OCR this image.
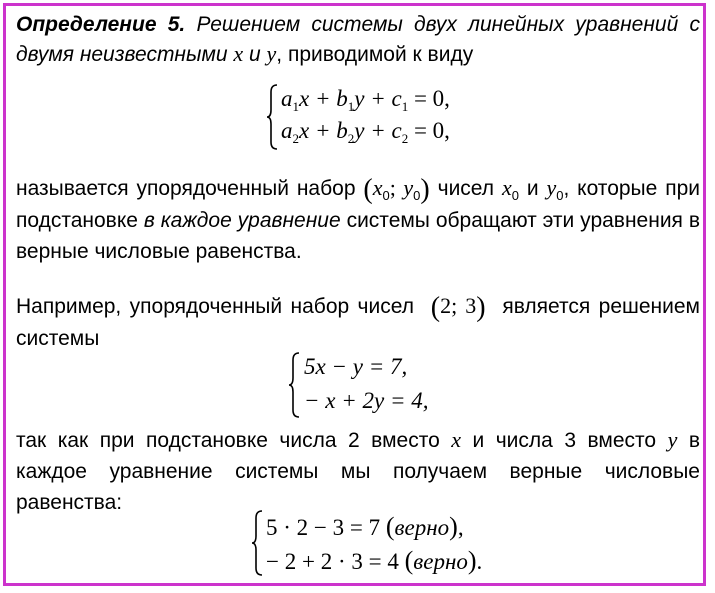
Определение 5. Решением системы двух линейных уравнений с двумя неизвестными x и y, приводимой к виду
$a_1x + b_1y + c_1 = 0$,
$a_2x + b_2y + c_2 = 0$,
называется упорядоченный набор ($x_0$; $y_0$) чисел $x_0$ и $y_0$, которые при подстановке в каждое уравнение системы обращают эти уравнения в верные числовые равенства.
Например, упорядоченный набор чисел (2; 3) является решением системы
5x − y = 7,
− x + 2y = 4,
так как при подстановке числа 2 вместо x и числа 3 вместо y в каждое уравнение системы мы получаем верные числовые равенства:
5 · 2 − 3 = 7 (верно),
− 2 + 2 · 3 = 4 (верно).
